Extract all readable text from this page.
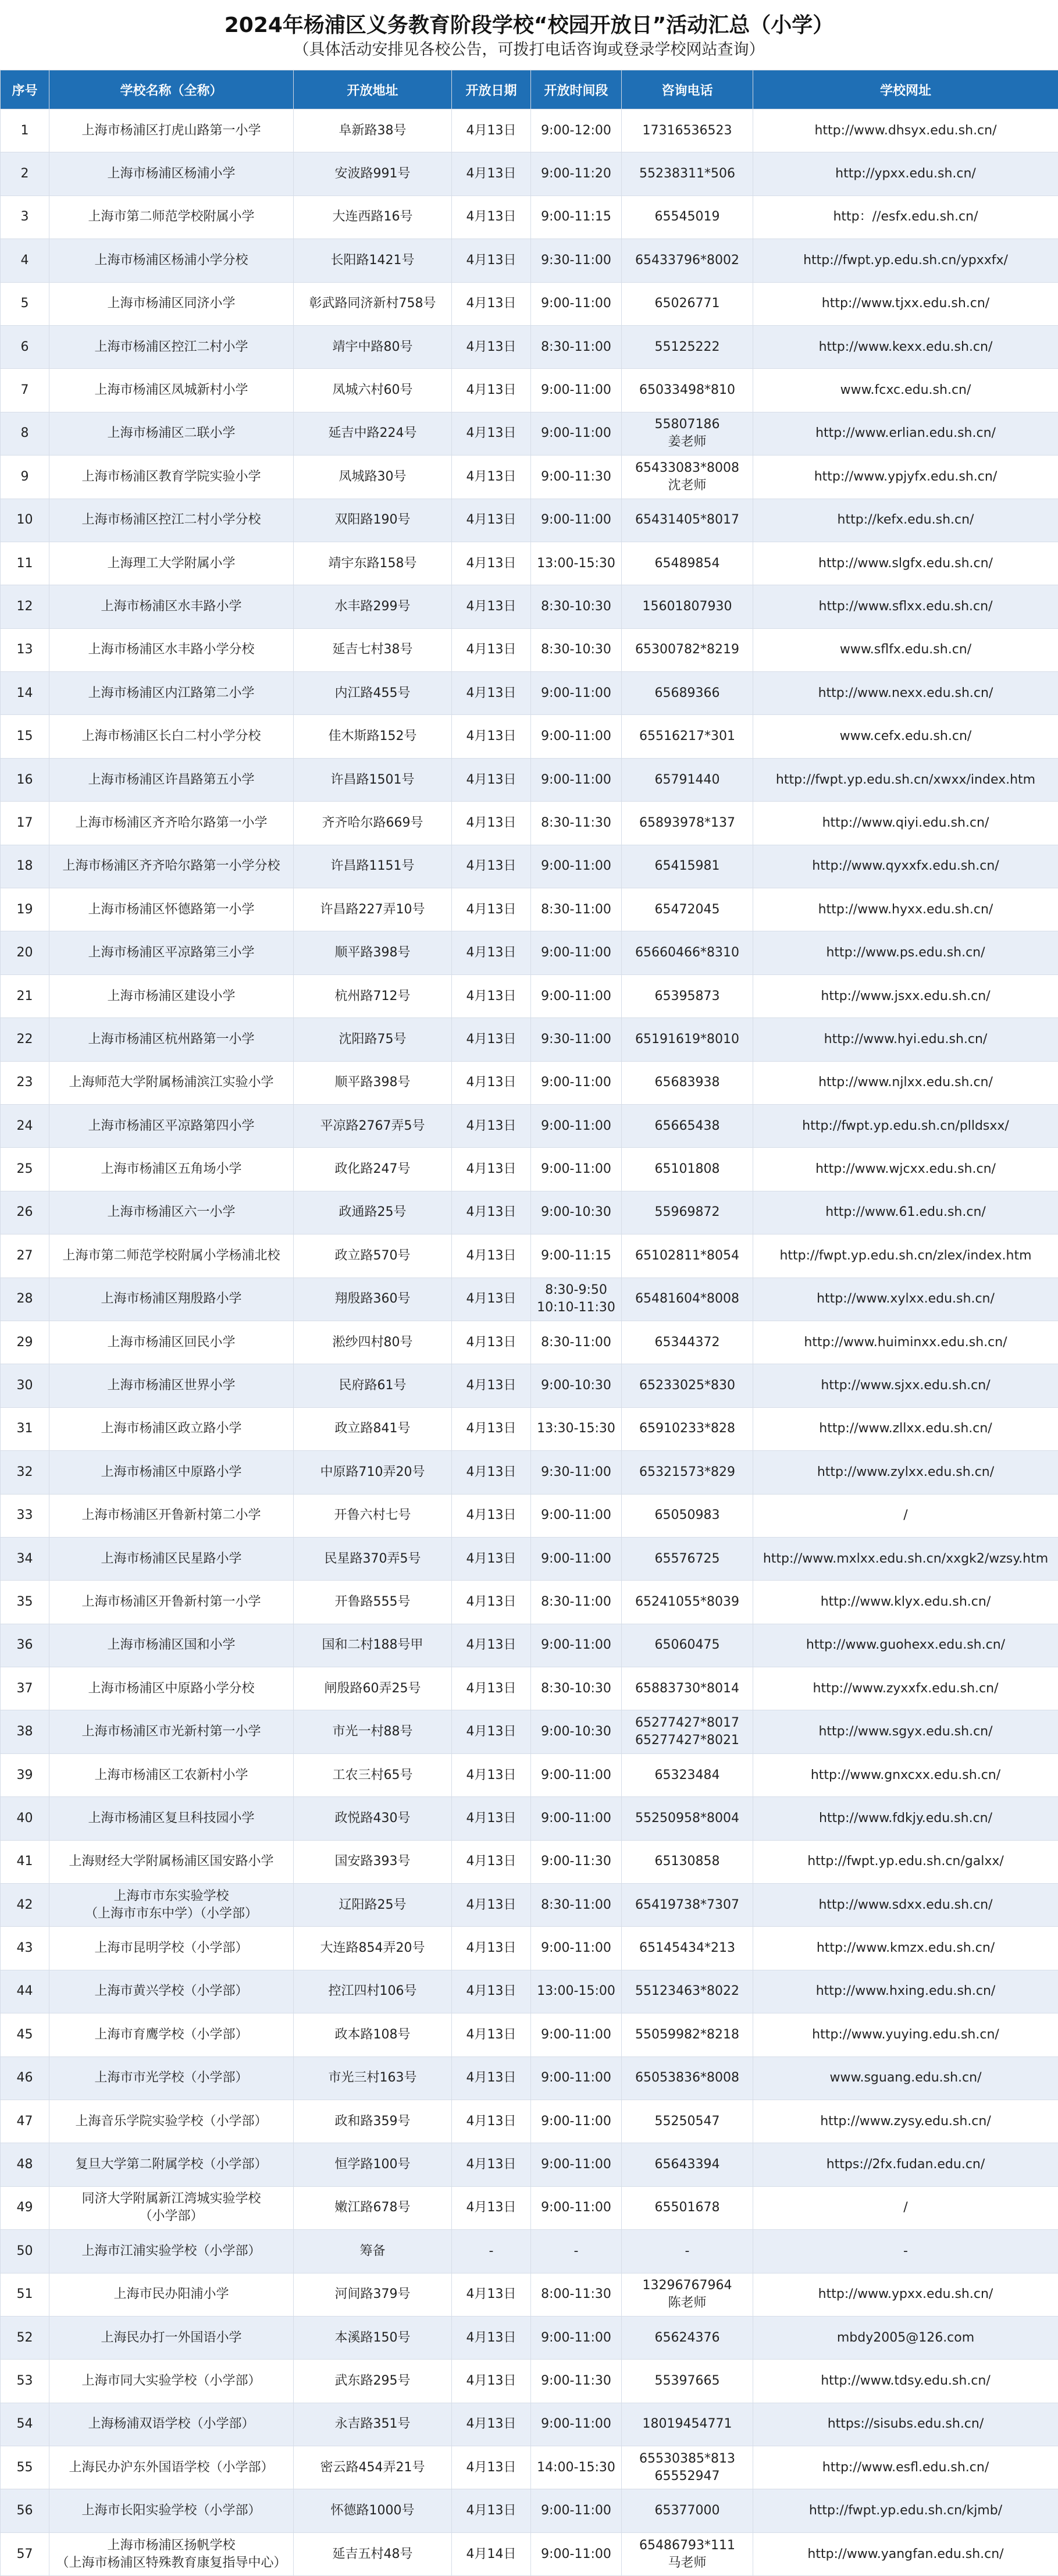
2024年杨浦区义务教育阶段学校“校园开放日”活动汇总（小学）
（具体活动安排见各校公告，可拨打电话咨询或登录学校网站查询）
序号	学校名称（全称）	开放地址	开放日期	开放时间段	咨询电话	学校网址
1	上海市杨浦区打虎山路第一小学	阜新路38号	4月13日	9:00-12:00	17316536523	http://www.dhsyx.edu.sh.cn/
2	上海市杨浦区杨浦小学	安波路991号	4月13日	9:00-11:20	55238311*506	http://ypxx.edu.sh.cn/
3	上海市第二师范学校附属小学	大连西路16号	4月13日	9:00-11:15	65545019	http：//esfx.edu.sh.cn/
4	上海市杨浦区杨浦小学分校	长阳路1421号	4月13日	9:30-11:00	65433796*8002	http://fwpt.yp.edu.sh.cn/ypxxfx/
5	上海市杨浦区同济小学	彰武路同济新村758号	4月13日	9:00-11:00	65026771	http://www.tjxx.edu.sh.cn/
6	上海市杨浦区控江二村小学	靖宇中路80号	4月13日	8:30-11:00	55125222	http://www.kexx.edu.sh.cn/
7	上海市杨浦区凤城新村小学	凤城六村60号	4月13日	9:00-11:00	65033498*810	www.fcxc.edu.sh.cn/
8	上海市杨浦区二联小学	延吉中路224号	4月13日	9:00-11:00	55807186
姜老师	http://www.erlian.edu.sh.cn/
9	上海市杨浦区教育学院实验小学	凤城路30号	4月13日	9:00-11:30	65433083*8008
沈老师	http://www.ypjyfx.edu.sh.cn/
10	上海市杨浦区控江二村小学分校	双阳路190号	4月13日	9:00-11:00	65431405*8017	http://kefx.edu.sh.cn/
11	上海理工大学附属小学	靖宇东路158号	4月13日	13:00-15:30	65489854	http://www.slgfx.edu.sh.cn/
12	上海市杨浦区水丰路小学	水丰路299号	4月13日	8:30-10:30	15601807930	http://www.sflxx.edu.sh.cn/
13	上海市杨浦区水丰路小学分校	延吉七村38号	4月13日	8:30-10:30	65300782*8219	www.sflfx.edu.sh.cn/
14	上海市杨浦区内江路第二小学	内江路455号	4月13日	9:00-11:00	65689366	http://www.nexx.edu.sh.cn/
15	上海市杨浦区长白二村小学分校	佳木斯路152号	4月13日	9:00-11:00	65516217*301	www.cefx.edu.sh.cn/
16	上海市杨浦区许昌路第五小学	许昌路1501号	4月13日	9:00-11:00	65791440	http://fwpt.yp.edu.sh.cn/xwxx/index.htm
17	上海市杨浦区齐齐哈尔路第一小学	齐齐哈尔路669号	4月13日	8:30-11:30	65893978*137	http://www.qiyi.edu.sh.cn/
18	上海市杨浦区齐齐哈尔路第一小学分校	许昌路1151号	4月13日	9:00-11:00	65415981	http://www.qyxxfx.edu.sh.cn/
19	上海市杨浦区怀德路第一小学	许昌路227弄10号	4月13日	8:30-11:00	65472045	http://www.hyxx.edu.sh.cn/
20	上海市杨浦区平凉路第三小学	顺平路398号	4月13日	9:00-11:00	65660466*8310	http://www.ps.edu.sh.cn/
21	上海市杨浦区建设小学	杭州路712号	4月13日	9:00-11:00	65395873	http://www.jsxx.edu.sh.cn/
22	上海市杨浦区杭州路第一小学	沈阳路75号	4月13日	9:30-11:00	65191619*8010	http://www.hyi.edu.sh.cn/
23	上海师范大学附属杨浦滨江实验小学	顺平路398号	4月13日	9:00-11:00	65683938	http://www.njlxx.edu.sh.cn/
24	上海市杨浦区平凉路第四小学	平凉路2767弄5号	4月13日	9:00-11:00	65665438	http://fwpt.yp.edu.sh.cn/plldsxx/
25	上海市杨浦区五角场小学	政化路247号	4月13日	9:00-11:00	65101808	http://www.wjcxx.edu.sh.cn/
26	上海市杨浦区六一小学	政通路25号	4月13日	9:00-10:30	55969872	http://www.61.edu.sh.cn/
27	上海市第二师范学校附属小学杨浦北校	政立路570号	4月13日	9:00-11:15	65102811*8054	http://fwpt.yp.edu.sh.cn/zlex/index.htm
28	上海市杨浦区翔殷路小学	翔殷路360号	4月13日	8:30-9:50
10:10-11:30	65481604*8008	http://www.xylxx.edu.sh.cn/
29	上海市杨浦区回民小学	淞纱四村80号	4月13日	8:30-11:00	65344372	http://www.huiminxx.edu.sh.cn/
30	上海市杨浦区世界小学	民府路61号	4月13日	9:00-10:30	65233025*830	http://www.sjxx.edu.sh.cn/
31	上海市杨浦区政立路小学	政立路841号	4月13日	13:30-15:30	65910233*828	http://www.zllxx.edu.sh.cn/
32	上海市杨浦区中原路小学	中原路710弄20号	4月13日	9:30-11:00	65321573*829	http://www.zylxx.edu.sh.cn/
33	上海市杨浦区开鲁新村第二小学	开鲁六村七号	4月13日	9:00-11:00	65050983	/
34	上海市杨浦区民星路小学	民星路370弄5号	4月13日	9:00-11:00	65576725	http://www.mxlxx.edu.sh.cn/xxgk2/wzsy.htm
35	上海市杨浦区开鲁新村第一小学	开鲁路555号	4月13日	8:30-11:00	65241055*8039	http://www.klyx.edu.sh.cn/
36	上海市杨浦区国和小学	国和二村188号甲	4月13日	9:00-11:00	65060475	http://www.guohexx.edu.sh.cn/
37	上海市杨浦区中原路小学分校	闸殷路60弄25号	4月13日	8:30-10:30	65883730*8014	http://www.zyxxfx.edu.sh.cn/
38	上海市杨浦区市光新村第一小学	市光一村88号	4月13日	9:00-10:30	65277427*8017
65277427*8021	http://www.sgyx.edu.sh.cn/
39	上海市杨浦区工农新村小学	工农三村65号	4月13日	9:00-11:00	65323484	http://www.gnxcxx.edu.sh.cn/
40	上海市杨浦区复旦科技园小学	政悦路430号	4月13日	9:00-11:00	55250958*8004	http://www.fdkjy.edu.sh.cn/
41	上海财经大学附属杨浦区国安路小学	国安路393号	4月13日	9:00-11:30	65130858	http://fwpt.yp.edu.sh.cn/galxx/
42	上海市市东实验学校
（上海市市东中学）（小学部）	辽阳路25号	4月13日	8:30-11:00	65419738*7307	http://www.sdxx.edu.sh.cn/
43	上海市昆明学校（小学部）	大连路854弄20号	4月13日	9:00-11:00	65145434*213	http://www.kmzx.edu.sh.cn/
44	上海市黄兴学校（小学部）	控江四村106号	4月13日	13:00-15:00	55123463*8022	http://www.hxing.edu.sh.cn/
45	上海市育鹰学校（小学部）	政本路108号	4月13日	9:00-11:00	55059982*8218	http://www.yuying.edu.sh.cn/
46	上海市市光学校（小学部）	市光三村163号	4月13日	9:00-11:00	65053836*8008	www.sguang.edu.sh.cn/
47	上海音乐学院实验学校（小学部）	政和路359号	4月13日	9:00-11:00	55250547	http://www.zysy.edu.sh.cn/
48	复旦大学第二附属学校（小学部）	恒学路100号	4月13日	9:00-11:00	65643394	https://2fx.fudan.edu.cn/
49	同济大学附属新江湾城实验学校
（小学部）	嫩江路678号	4月13日	9:00-11:00	65501678	/
50	上海市江浦实验学校（小学部）	筹备	-	-	-	-
51	上海市民办阳浦小学	河间路379号	4月13日	8:00-11:30	13296767964
陈老师	http://www.ypxx.edu.sh.cn/
52	上海民办打一外国语小学	本溪路150号	4月13日	9:00-11:00	65624376	mbdy2005@126.com
53	上海市同大实验学校（小学部）	武东路295号	4月13日	9:00-11:30	55397665	http://www.tdsy.edu.sh.cn/
54	上海杨浦双语学校（小学部）	永吉路351号	4月13日	9:00-11:00	18019454771	https://sisubs.edu.sh.cn/
55	上海民办沪东外国语学校（小学部）	密云路454弄21号	4月13日	14:00-15:30	65530385*813
65552947	http://www.esfl.edu.sh.cn/
56	上海市长阳实验学校（小学部）	怀德路1000号	4月13日	9:00-11:00	65377000	http://fwpt.yp.edu.sh.cn/kjmb/
57	上海市杨浦区扬帆学校
（上海市杨浦区特殊教育康复指导中心）	延吉五村48号	4月14日	9:00-11:00	65486793*111
马老师	http://www.yangfan.edu.sh.cn/
